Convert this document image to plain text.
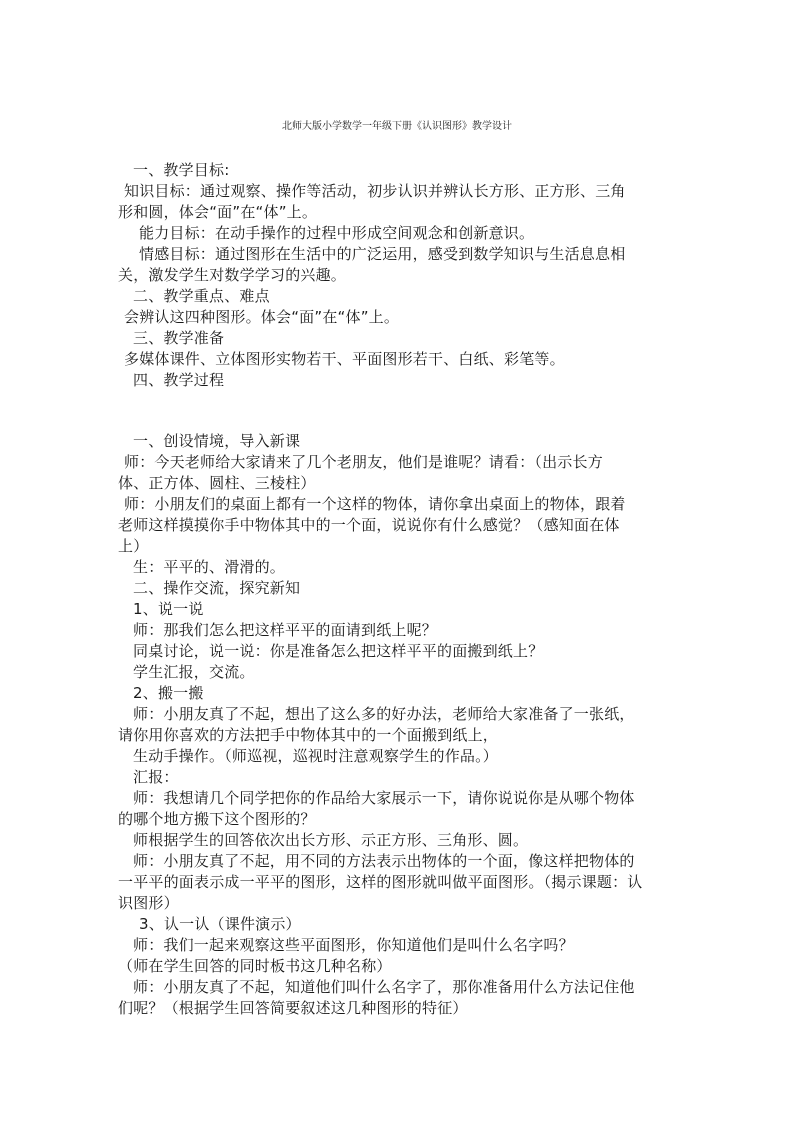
北师大版小学数学一年级下册《认识图形》教学设计
一、教学目标:
知识目标：通过观察、操作等活动，初步认识并辨认长方形、正方形、三角
形和圆，体会“面”在“体”上。
能力目标：在动手操作的过程中形成空间观念和创新意识。
情感目标：通过图形在生活中的广泛运用，感受到数学知识与生活息息相
关，激发学生对数学学习的兴趣。
二、教学重点、难点
会辨认这四种图形。体会“面”在“体”上。
三、教学准备
多媒体课件、立体图形实物若干、平面图形若干、白纸、彩笔等。
四、教学过程
一、创设情境，导入新课
师：今天老师给大家请来了几个老朋友，他们是谁呢？请看：（出示长方
体、正方体、圆柱、三棱柱）
师：小朋友们的桌面上都有一个这样的物体，请你拿出桌面上的物体，跟着
老师这样摸摸你手中物体其中的一个面，说说你有什么感觉？（感知面在体
上）
生：平平的、滑滑的。
二、操作交流，探究新知
1、说一说
师：那我们怎么把这样平平的面请到纸上呢？
同桌讨论，说一说：你是准备怎么把这样平平的面搬到纸上？
学生汇报，交流。
2、搬一搬
师：小朋友真了不起，想出了这么多的好办法，老师给大家准备了一张纸，
请你用你喜欢的方法把手中物体其中的一个面搬到纸上，
生动手操作。（师巡视，巡视时注意观察学生的作品。）
汇报：
师：我想请几个同学把你的作品给大家展示一下，请你说说你是从哪个物体
的哪个地方搬下这个图形的？
师根据学生的回答依次出长方形、示正方形、三角形、圆。
师：小朋友真了不起，用不同的方法表示出物体的一个面，像这样把物体的
一平平的面表示成一平平的图形，这样的图形就叫做平面图形。（揭示课题：认
识图形）
3、认一认（课件演示）
师：我们一起来观察这些平面图形，你知道他们是叫什么名字吗？
（师在学生回答的同时板书这几种名称）
师：小朋友真了不起，知道他们叫什么名字了，那你准备用什么方法记住他
们呢？（根据学生回答简要叙述这几种图形的特征）
